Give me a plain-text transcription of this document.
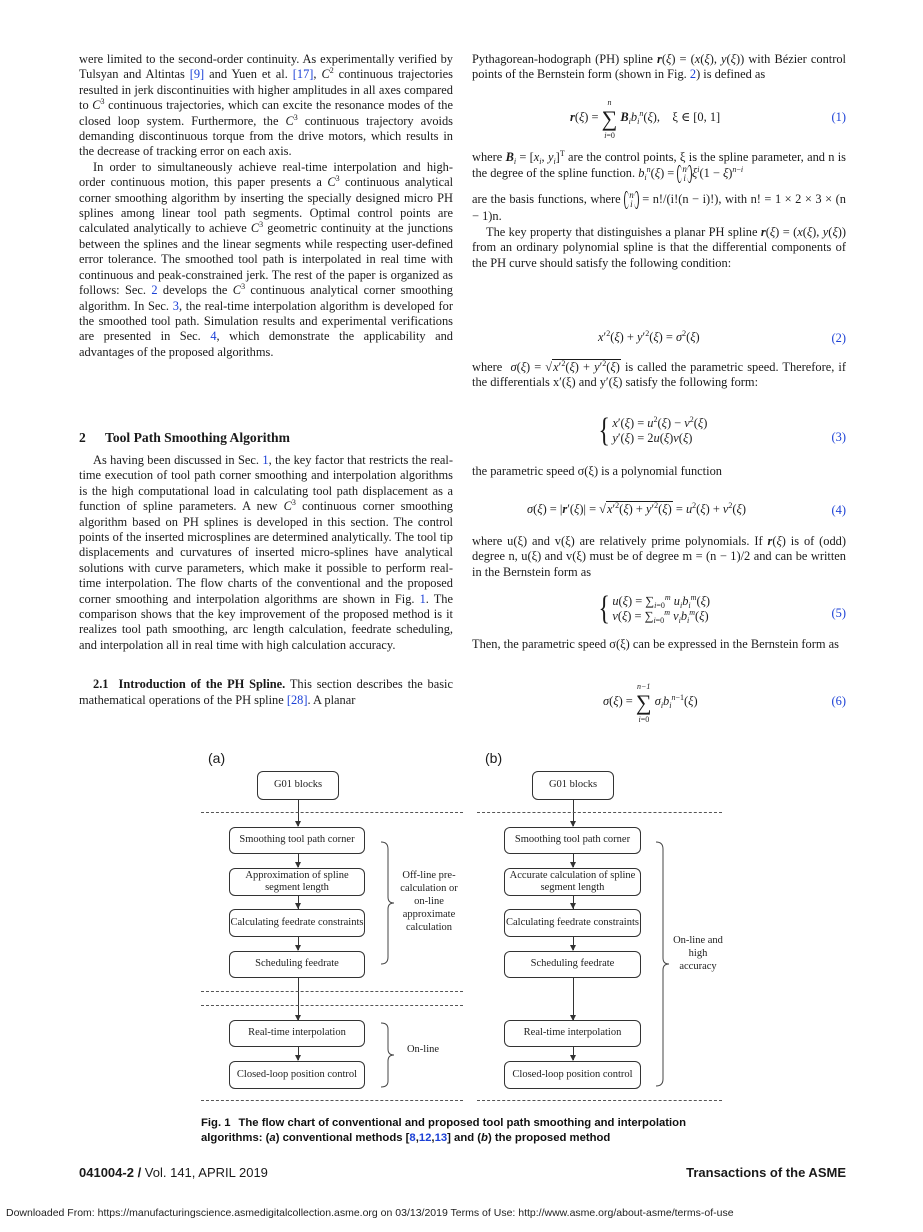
were limited to the second-order continuity. As experimentally verified by Tulsyan and Altintas [9] and Yuen et al. [17], $C^2$ continuous trajectories resulted in jerk discontinuities with higher amplitudes in all axes compared to $C^3$ continuous trajectories, which can excite the resonance modes of the closed loop system. Furthermore, the $C^3$ continuous trajectory avoids demanding discontinuous torque from the drive motors, which results in the decrease of tracking error on each axis.

In order to simultaneously achieve real-time interpolation and high-order continuous motion, this paper presents a $C^3$ continuous analytical corner smoothing algorithm by inserting the specially designed micro PH splines among linear tool path segments. Optimal control points are calculated analytically to achieve $C^3$ geometric continuity at the junctions between the splines and the linear segments while respecting user-defined error tolerance. The smoothed tool path is interpolated in real time with continuous and peak-constrained jerk. The rest of the paper is organized as follows: Sec. 2 develops the $C^3$ continuous analytical corner smoothing algorithm. In Sec. 3, the real-time interpolation algorithm is developed for the smoothed tool path. Simulation results and experimental verifications are presented in Sec. 4, which demonstrate the applicability and advantages of the proposed algorithms.

2 Tool Path Smoothing Algorithm

As having been discussed in Sec. 1, the key factor that restricts the real-time execution of tool path corner smoothing and interpolation algorithms is the high computational load in calculating tool path displacement as a function of spline parameters. A new $C^3$ continuous corner smoothing algorithm based on PH splines is developed in this section. The control points of the inserted microsplines are determined analytically. The tool tip displacements and curvatures of inserted micro-splines have analytical solutions with curve parameters, which make it possible to perform real-time interpolation. The flow charts of the conventional and the proposed corner smoothing and interpolation algorithms are shown in Fig. 1. The comparison shows that the key improvement of the proposed method is it realizes tool path smoothing, arc length calculation, feedrate scheduling, and interpolation all in real time with high calculation accuracy.

2.1 Introduction of the PH Spline. This section describes the basic mathematical operations of the PH spline [28]. A planar

Pythagorean-hodograph (PH) spline r(ξ) = (x(ξ), y(ξ)) with Bézier control points of the Bernstein form (shown in Fig. 2) is defined as

r(ξ) = ∑
n
i=0
$B_ib_i^n(\xi)$,    ξ ∈ [0, 1]	(1)

where $B_i = [x_i$, $y_i]^T$ are the control points, ξ is the spline parameter, and n is the degree of the spline function. $b_i^n(\xi) = n$
i $\xi^i(1 - \xi)^{n-i}$

are the basis functions, where n
i = n!/(i!(n − i)!), with n! = 1 × 2 × 3 × (n − 1)n.

The key property that distinguishes a planar PH spline r(ξ) = (x(ξ), y(ξ)) from an ordinary polynomial spline is that the differential components of the PH curve should satisfy the following condition:

$x'^2(\xi) + y'^2(\xi) = \sigma^2(\xi)$	(2)

where  $\sigma(\xi) = √x'^2(\xi) + y'^2(\xi)$ is called the parametric speed. Therefore, if the differentials x′(ξ) and y′(ξ) satisfy the following form:

{ $x'(\xi) = u^2(\xi) - v^2(\xi)$
y′(ξ) = 2u(ξ)v(ξ)	(3)

the parametric speed σ(ξ) is a polynomial function

$\sigma(\xi) = |r'(\xi)| = √x'^2(\xi) + y'^2(\xi) = u^2(\xi) + v^2(\xi)$	(4)

where u(ξ) and v(ξ) are relatively prime polynomials. If r(ξ) is of (odd) degree n, u(ξ) and v(ξ) must be of degree m = (n − 1)/2 and can be written in the Bernstein form as

{ $u(\xi) = \sum_{i=0}^m$ $u_ib_i^m(\xi)$
$v(\xi) = \sum_{i=0}^m$ $v_ib_i^m(\xi)$	(5)

Then, the parametric speed σ(ξ) can be expressed in the Bernstein form as

σ(ξ) = ∑
n−1
i=0
$\sigma_ib_i^{n-1}(\xi)$	(6)
(a)
G01 blocks
Smoothing tool path corner
Approximation of spline segment length
Calculating feedrate constraints
Scheduling feedrate
Real-time interpolation
Closed-loop position control
Off-line pre-calculation or on-line approximate calculation
On-line
(b)
G01 blocks
Smoothing tool path corner
Accurate calculation of spline segment length
Calculating feedrate constraints
Scheduling feedrate
Real-time interpolation
Closed-loop position control
On-line and high accuracy
Fig. 1 The flow chart of conventional and proposed tool path smoothing and interpolation algorithms: (a) conventional methods [8,12,13] and (b) the proposed method
041004-2 / Vol. 141, APRIL 2019	Transactions of the ASME
Downloaded From: https://manufacturingscience.asmedigitalcollection.asme.org on 03/13/2019 Terms of Use: http://www.asme.org/about-asme/terms-of-use
